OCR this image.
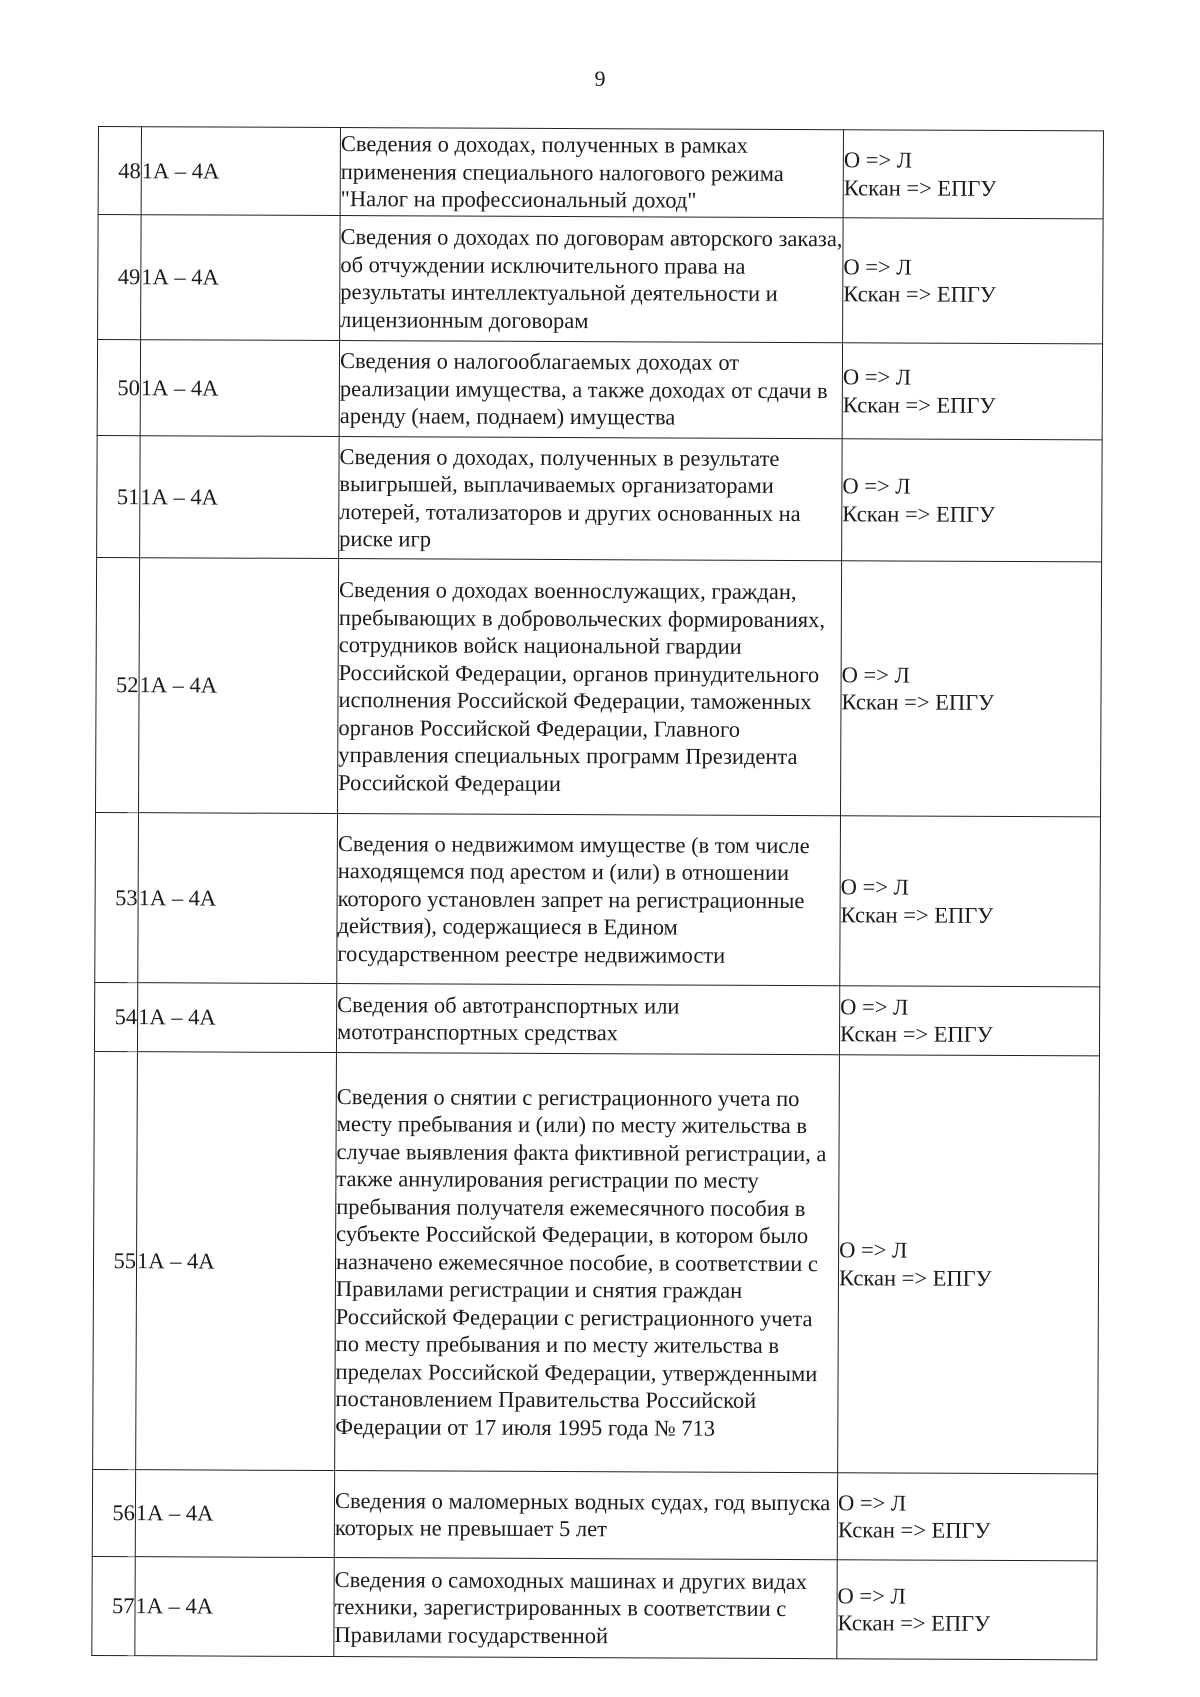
9
48	1А – 4А	Сведения о доходах, полученных в рамках применения специального налогового режима "Налог на профессиональный доход"	О => Л
Кскан => ЕПГУ

49	1А – 4А	Сведения о доходах по договорам авторского заказа, об отчуждении исключительного права на результаты интеллектуальной деятельности и лицензионным договорам	О => Л
Кскан => ЕПГУ

50	1А – 4А	Сведения о налогооблагаемых доходах от реализации имущества, а также доходах от сдачи в аренду (наем, поднаем) имущества	О => Л
Кскан => ЕПГУ

51	1А – 4А	Сведения о доходах, полученных в результате выигрышей, выплачиваемых организаторами лотерей, тотализаторов и других основанных на риске игр	О => Л
Кскан => ЕПГУ

52	1А – 4А	Сведения о доходах военнослужащих, граждан, пребывающих в добровольческих формированиях, сотрудников войск национальной гвардии Российской Федерации, органов принудительного исполнения Российской Федерации, таможенных органов Российской Федерации, Главного управления специальных программ Президента Российской Федерации	О => Л
Кскан => ЕПГУ

53	1А – 4А	Сведения о недвижимом имуществе (в том числе находящемся под арестом и (или) в отношении которого установлен запрет на регистрационные действия), содержащиеся в Едином государственном реестре недвижимости	О => Л
Кскан => ЕПГУ

54	1А – 4А	Сведения об автотранспортных или мототранспортных средствах	О => Л
Кскан => ЕПГУ

55	1А – 4А	Сведения о снятии с регистрационного учета по месту пребывания и (или) по месту жительства в случае выявления факта фиктивной регистрации, а также аннулирования регистрации по месту пребывания получателя ежемесячного пособия в субъекте Российской Федерации, в котором было назначено ежемесячное пособие, в соответствии с Правилами регистрации и снятия граждан Российской Федерации с регистрационного учета по месту пребывания и по месту жительства в пределах Российской Федерации, утвержденными постановлением Правительства Российской Федерации от 17 июля 1995 года № 713	О => Л
Кскан => ЕПГУ

56	1А – 4А	Сведения о маломерных водных судах, год выпуска которых не превышает 5 лет	О => Л
Кскан => ЕПГУ

57	1А – 4А	Сведения о самоходных машинах и других видах техники, зарегистрированных в соответствии с Правилами государственной	О => Л
Кскан => ЕПГУ
